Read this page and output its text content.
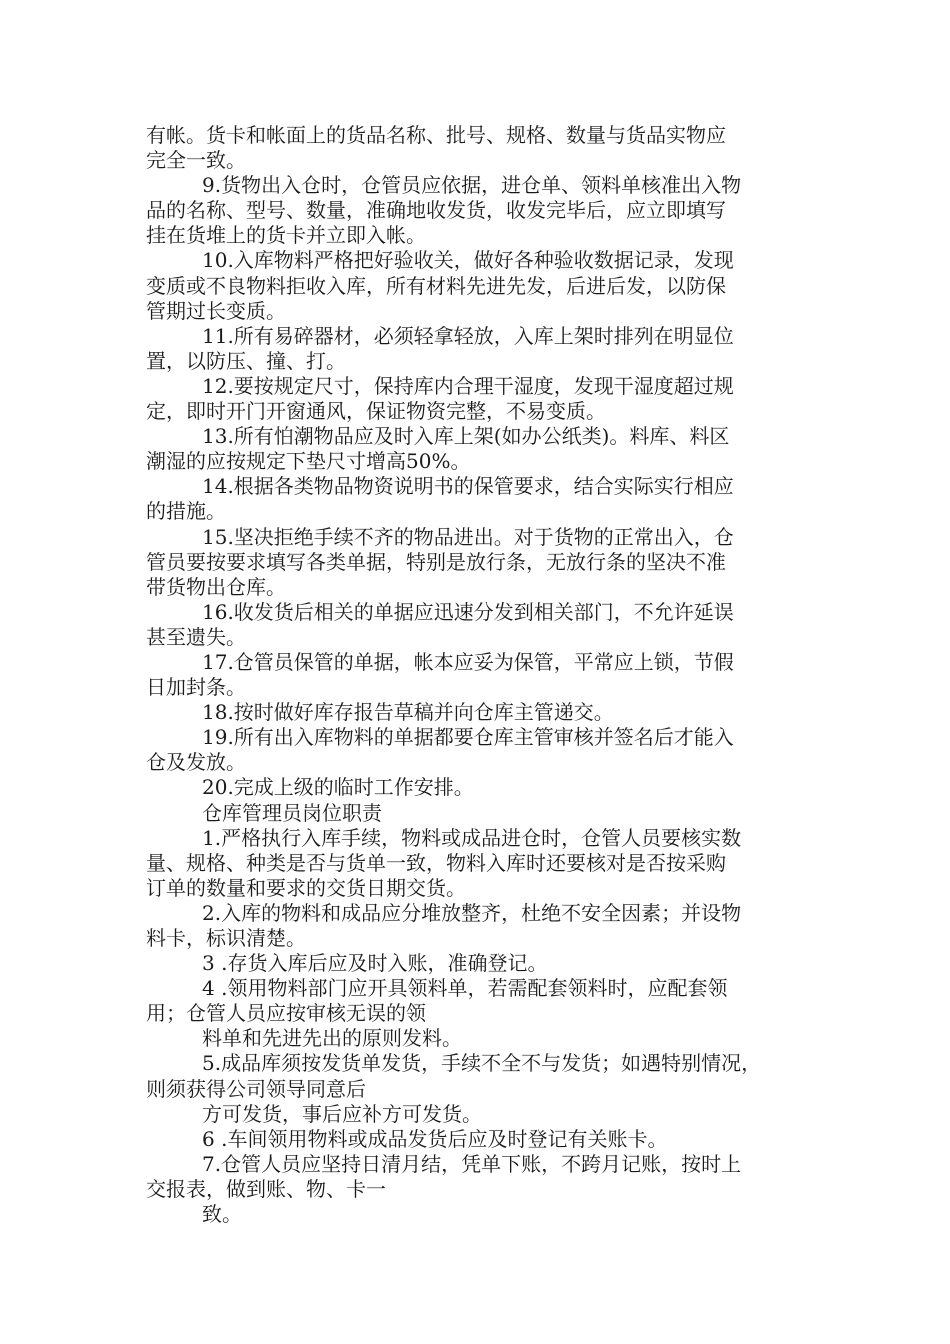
有帐。货卡和帐面上的货品名称、批号、规格、数量与货品实物应

完全一致。

9.货物出入仓时，仓管员应依据，进仓单、领料单核准出入物

品的名称、型号、数量，准确地收发货，收发完毕后，应立即填写

挂在货堆上的货卡并立即入帐。

10.入库物料严格把好验收关，做好各种验收数据记录，发现

变质或不良物料拒收入库，所有材料先进先发，后进后发，以防保

管期过长变质。

11.所有易碎器材，必须轻拿轻放，入库上架时排列在明显位

置，以防压、撞、打。

12.要按规定尺寸，保持库内合理干湿度，发现干湿度超过规

定，即时开门开窗通风，保证物资完整，不易变质。

13.所有怕潮物品应及时入库上架(如办公纸类)。料库、料区

潮湿的应按规定下垫尺寸增高50%。

14.根据各类物品物资说明书的保管要求，结合实际实行相应

的措施。

15.坚决拒绝手续不齐的物品进出。对于货物的正常出入，仓

管员要按要求填写各类单据，特别是放行条，无放行条的坚决不准

带货物出仓库。

16.收发货后相关的单据应迅速分发到相关部门，不允许延误

甚至遗失。

17.仓管员保管的单据，帐本应妥为保管，平常应上锁，节假

日加封条。

18.按时做好库存报告草稿并向仓库主管递交。

19.所有出入库物料的单据都要仓库主管审核并签名后才能入

仓及发放。

20.完成上级的临时工作安排。

仓库管理员岗位职责

1.严格执行入库手续，物料或成品进仓时，仓管人员要核实数

量、规格、种类是否与货单一致，物料入库时还要核对是否按采购

订单的数量和要求的交货日期交货。

2.入库的物料和成品应分堆放整齐，杜绝不安全因素；并设物

料卡，标识清楚。

3 .存货入库后应及时入账，准确登记。

4 .领用物料部门应开具领料单，若需配套领料时，应配套领

用；仓管人员应按审核无误的领

料单和先进先出的原则发料。

5.成品库须按发货单发货，手续不全不与发货；如遇特别情况，

则须获得公司领导同意后

方可发货，事后应补方可发货。

6 .车间领用物料或成品发货后应及时登记有关账卡。

7.仓管人员应坚持日清月结，凭单下账，不跨月记账，按时上

交报表，做到账、物、卡一

致。
